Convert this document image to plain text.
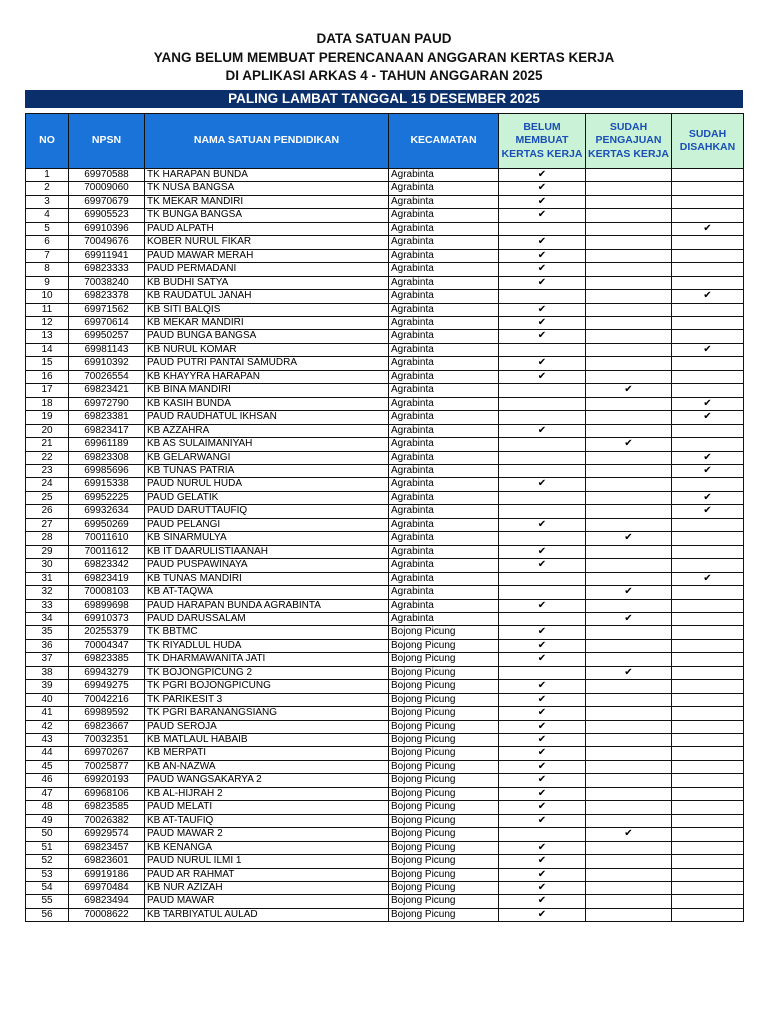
DATA SATUAN PAUD
YANG BELUM MEMBUAT PERENCANAAN ANGGARAN KERTAS KERJA
DI APLIKASI ARKAS 4 - TAHUN ANGGARAN 2025
PALING LAMBAT TANGGAL 15 DESEMBER 2025
NO	NPSN	NAMA SATUAN PENDIDIKAN	KECAMATAN	BELUM MEMBUAT KERTAS KERJA	SUDAH PENGAJUAN KERTAS KERJA	SUDAH DISAHKAN
1	69970588	TK HARAPAN BUNDA	Agrabinta	✔		
2	70009060	TK NUSA BANGSA	Agrabinta	✔		
3	69970679	TK MEKAR MANDIRI	Agrabinta	✔		
4	69905523	TK BUNGA BANGSA	Agrabinta	✔		
5	69910396	PAUD ALPATH	Agrabinta			✔
6	70049676	KOBER NURUL FIKAR	Agrabinta	✔		
7	69911941	PAUD MAWAR MERAH	Agrabinta	✔		
8	69823333	PAUD PERMADANI	Agrabinta	✔		
9	70038240	KB BUDHI SATYA	Agrabinta	✔		
10	69823378	KB RAUDATUL JANAH	Agrabinta			✔
11	69971562	KB SITI BALQIS	Agrabinta	✔		
12	69970614	KB MEKAR MANDIRI	Agrabinta	✔		
13	69950257	PAUD BUNGA BANGSA	Agrabinta	✔		
14	69981143	KB NURUL KOMAR	Agrabinta			✔
15	69910392	PAUD PUTRI PANTAI SAMUDRA	Agrabinta	✔		
16	70026554	KB KHAYYRA HARAPAN	Agrabinta	✔		
17	69823421	KB BINA MANDIRI	Agrabinta		✔	
18	69972790	KB KASIH BUNDA	Agrabinta			✔
19	69823381	PAUD RAUDHATUL IKHSAN	Agrabinta			✔
20	69823417	KB AZZAHRA	Agrabinta	✔		
21	69961189	KB AS SULAIMANIYAH	Agrabinta		✔	
22	69823308	KB GELARWANGI	Agrabinta			✔
23	69985696	KB TUNAS PATRIA	Agrabinta			✔
24	69915338	PAUD NURUL HUDA	Agrabinta	✔		
25	69952225	PAUD GELATIK	Agrabinta			✔
26	69932634	PAUD DARUTTAUFIQ	Agrabinta			✔
27	69950269	PAUD PELANGI	Agrabinta	✔		
28	70011610	KB SINARMULYA	Agrabinta		✔	
29	70011612	KB IT DAARULISTIAANAH	Agrabinta	✔		
30	69823342	PAUD PUSPAWINAYA	Agrabinta	✔		
31	69823419	KB TUNAS MANDIRI	Agrabinta			✔
32	70008103	KB AT-TAQWA	Agrabinta		✔	
33	69899698	PAUD HARAPAN BUNDA AGRABINTA	Agrabinta	✔		
34	69910373	PAUD DARUSSALAM	Agrabinta		✔	
35	20255379	TK BBTMC	Bojong Picung	✔		
36	70004347	TK RIYADLUL HUDA	Bojong Picung	✔		
37	69823385	TK DHARMAWANITA JATI	Bojong Picung	✔		
38	69943279	TK BOJONGPICUNG 2	Bojong Picung		✔	
39	69949275	TK PGRI BOJONGPICUNG	Bojong Picung	✔		
40	70042216	TK PARIKESIT 3	Bojong Picung	✔		
41	69989592	TK PGRI BARANANGSIANG	Bojong Picung	✔		
42	69823667	PAUD SEROJA	Bojong Picung	✔		
43	70032351	KB MATLAUL HABAIB	Bojong Picung	✔		
44	69970267	KB MERPATI	Bojong Picung	✔		
45	70025877	KB AN-NAZWA	Bojong Picung	✔		
46	69920193	PAUD WANGSAKARYA 2	Bojong Picung	✔		
47	69968106	KB AL-HIJRAH 2	Bojong Picung	✔		
48	69823585	PAUD MELATI	Bojong Picung	✔		
49	70026382	KB AT-TAUFIQ	Bojong Picung	✔		
50	69929574	PAUD MAWAR 2	Bojong Picung		✔	
51	69823457	KB KENANGA	Bojong Picung	✔		
52	69823601	PAUD NURUL ILMI 1	Bojong Picung	✔		
53	69919186	PAUD AR RAHMAT	Bojong Picung	✔		
54	69970484	KB NUR AZIZAH	Bojong Picung	✔		
55	69823494	PAUD MAWAR	Bojong Picung	✔		
56	70008622	KB TARBIYATUL AULAD	Bojong Picung	✔		
